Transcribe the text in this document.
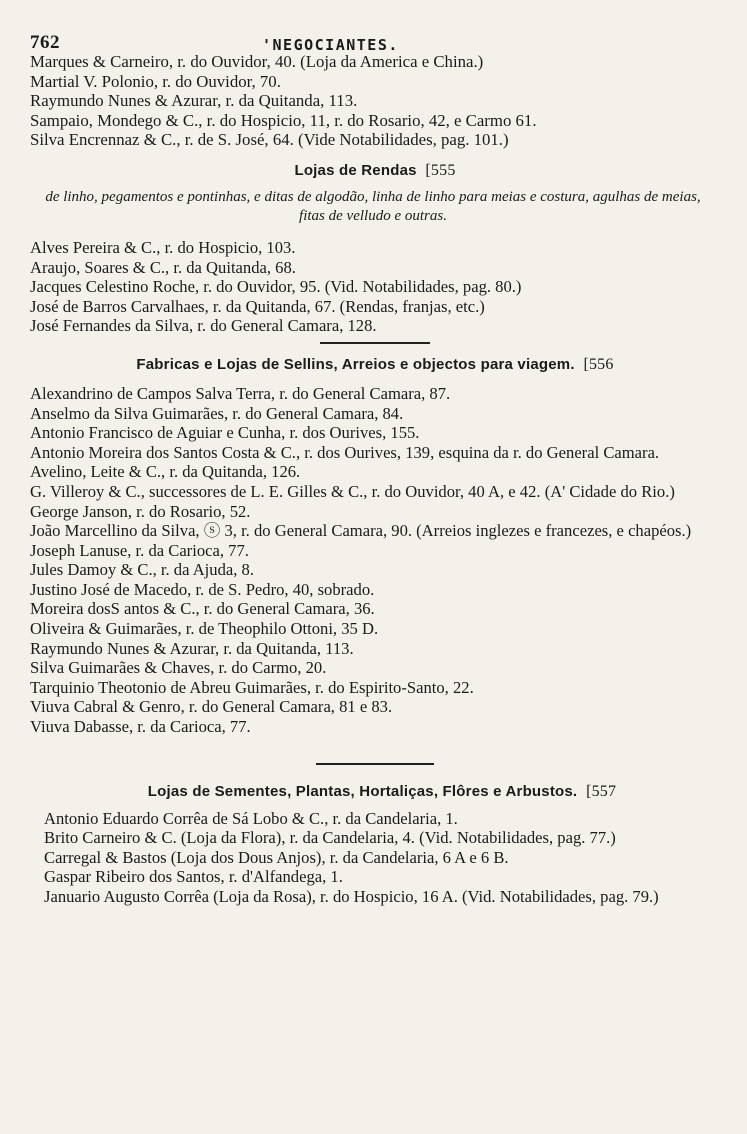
762	'NEGOCIANTES.

Marques & Carneiro, r. do Ouvidor, 40. (Loja da America e China.)

Martial V. Polonio, r. do Ouvidor, 70.

Raymundo Nunes & Azurar, r. da Quitanda, 113.

Sampaio, Mondego & C., r. do Hospicio, 11, r. do Rosario, 42, e Carmo 61.

Silva Encrennaz & C., r. de S. José, 64. (Vide Notabilidades, pag. 101.)

Lojas de Rendas [555
de linho, pegamentos e pontinhas, e ditas de algodão, linha de linho para meias e costura, agulhas de meias, fitas de velludo e outras.

Alves Pereira & C., r. do Hospicio, 103.

Araujo, Soares & C., r. da Quitanda, 68.

Jacques Celestino Roche, r. do Ouvidor, 95. (Vid. Notabilidades, pag. 80.)

José de Barros Carvalhaes, r. da Quitanda, 67. (Rendas, franjas, etc.)

José Fernandes da Silva, r. do General Camara, 128.

Fabricas e Lojas de Sellins, Arreios e objectos para viagem. [556

Alexandrino de Campos Salva Terra, r. do General Camara, 87.

Anselmo da Silva Guimarães, r. do General Camara, 84.

Antonio Francisco de Aguiar e Cunha, r. dos Ourives, 155.

Antonio Moreira dos Santos Costa & C., r. dos Ourives, 139, esquina da r. do General Camara.

Avelino, Leite & C., r. da Quitanda, 126.

G. Villeroy & C., successores de L. E. Gilles & C., r. do Ouvidor, 40 A, e 42. (A' Cidade do Rio.)

George Janson, r. do Rosario, 52.

João Marcellino da Silva, ⓢ 3, r. do General Camara, 90. (Arreios inglezes e francezes, e chapéos.)

Joseph Lanuse, r. da Carioca, 77.

Jules Damoy & C., r. da Ajuda, 8.

Justino José de Macedo, r. de S. Pedro, 40, sobrado.

Moreira dosS antos & C., r. do General Camara, 36.

Oliveira & Guimarães, r. de Theophilo Ottoni, 35 D.

Raymundo Nunes & Azurar, r. da Quitanda, 113.

Silva Guimarães & Chaves, r. do Carmo, 20.

Tarquinio Theotonio de Abreu Guimarães, r. do Espirito-Santo, 22.

Viuva Cabral & Genro, r. do General Camara, 81 e 83.

Viuva Dabasse, r. da Carioca, 77.

Lojas de Sementes, Plantas, Hortaliças, Flôres e Arbustos. [557

Antonio Eduardo Corrêa de Sá Lobo & C., r. da Candelaria, 1.

Brito Carneiro & C. (Loja da Flora), r. da Candelaria, 4. (Vid. Notabilidades, pag. 77.)

Carregal & Bastos (Loja dos Dous Anjos), r. da Candelaria, 6 A e 6 B.

Gaspar Ribeiro dos Santos, r. d'Alfandega, 1.

Januario Augusto Corrêa (Loja da Rosa), r. do Hospicio, 16 A. (Vid. Notabilidades, pag. 79.)
